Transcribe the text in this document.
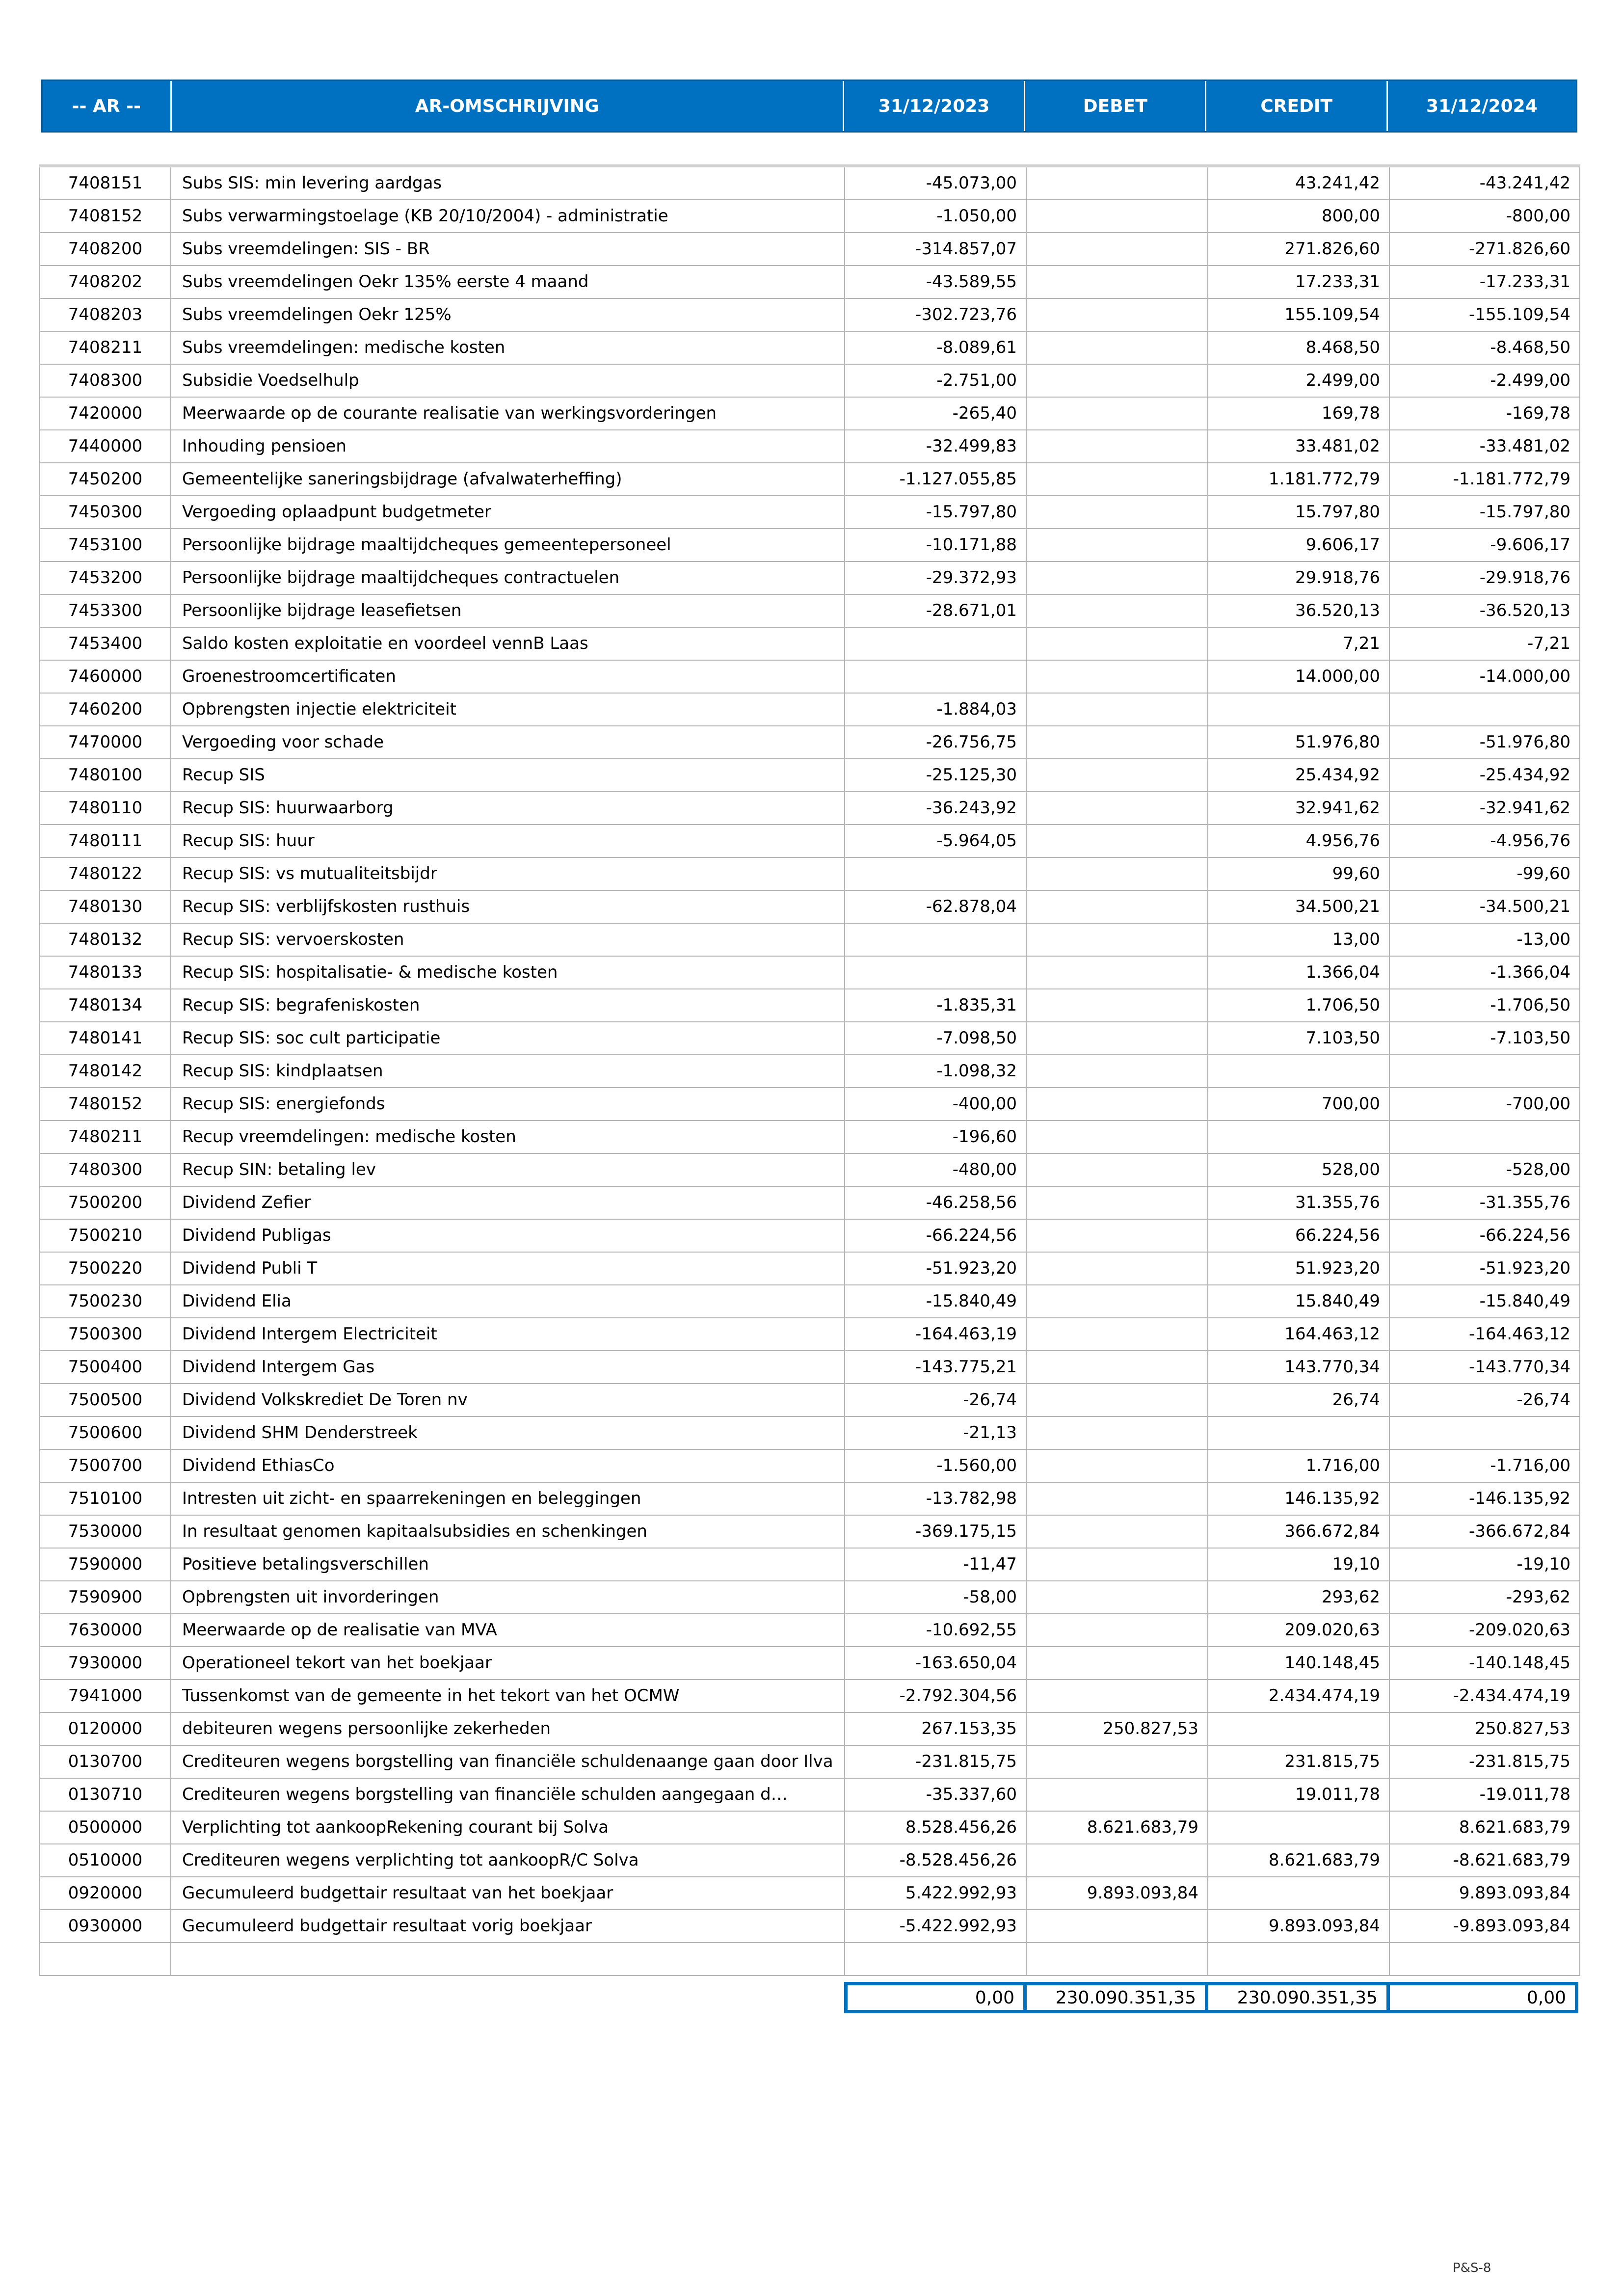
-- AR --	AR-OMSCHRIJVING	31/12/2023	DEBET	CREDIT	31/12/2024
7408151	Subs SIS: min levering aardgas	-45.073,00		43.241,42	-43.241,42
7408152	Subs verwarmingstoelage (KB 20/10/2004) - administratie	-1.050,00		800,00	-800,00
7408200	Subs vreemdelingen: SIS - BR	-314.857,07		271.826,60	-271.826,60
7408202	Subs vreemdelingen Oekr 135% eerste 4 maand	-43.589,55		17.233,31	-17.233,31
7408203	Subs vreemdelingen Oekr 125%	-302.723,76		155.109,54	-155.109,54
7408211	Subs vreemdelingen: medische kosten	-8.089,61		8.468,50	-8.468,50
7408300	Subsidie Voedselhulp	-2.751,00		2.499,00	-2.499,00
7420000	Meerwaarde op de courante realisatie van werkingsvorderingen	-265,40		169,78	-169,78
7440000	Inhouding pensioen	-32.499,83		33.481,02	-33.481,02
7450200	Gemeentelijke saneringsbijdrage (afvalwaterheffing)	-1.127.055,85		1.181.772,79	-1.181.772,79
7450300	Vergoeding oplaadpunt budgetmeter	-15.797,80		15.797,80	-15.797,80
7453100	Persoonlijke bijdrage maaltijdcheques gemeentepersoneel	-10.171,88		9.606,17	-9.606,17
7453200	Persoonlijke bijdrage maaltijdcheques contractuelen	-29.372,93		29.918,76	-29.918,76
7453300	Persoonlijke bijdrage leasefietsen	-28.671,01		36.520,13	-36.520,13
7453400	Saldo kosten exploitatie en voordeel vennB Laas			7,21	-7,21
7460000	Groenestroomcertificaten			14.000,00	-14.000,00
7460200	Opbrengsten injectie elektriciteit	-1.884,03			
7470000	Vergoeding voor schade	-26.756,75		51.976,80	-51.976,80
7480100	Recup SIS	-25.125,30		25.434,92	-25.434,92
7480110	Recup SIS: huurwaarborg	-36.243,92		32.941,62	-32.941,62
7480111	Recup SIS: huur	-5.964,05		4.956,76	-4.956,76
7480122	Recup SIS: vs mutualiteitsbijdr			99,60	-99,60
7480130	Recup SIS: verblijfskosten rusthuis	-62.878,04		34.500,21	-34.500,21
7480132	Recup SIS: vervoerskosten			13,00	-13,00
7480133	Recup SIS: hospitalisatie- & medische kosten			1.366,04	-1.366,04
7480134	Recup SIS: begrafeniskosten	-1.835,31		1.706,50	-1.706,50
7480141	Recup SIS: soc cult participatie	-7.098,50		7.103,50	-7.103,50
7480142	Recup SIS: kindplaatsen	-1.098,32			
7480152	Recup SIS: energiefonds	-400,00		700,00	-700,00
7480211	Recup vreemdelingen: medische kosten	-196,60			
7480300	Recup SIN: betaling lev	-480,00		528,00	-528,00
7500200	Dividend Zefier	-46.258,56		31.355,76	-31.355,76
7500210	Dividend Publigas	-66.224,56		66.224,56	-66.224,56
7500220	Dividend Publi T	-51.923,20		51.923,20	-51.923,20
7500230	Dividend Elia	-15.840,49		15.840,49	-15.840,49
7500300	Dividend Intergem Electriciteit	-164.463,19		164.463,12	-164.463,12
7500400	Dividend Intergem Gas	-143.775,21		143.770,34	-143.770,34
7500500	Dividend Volkskrediet De Toren nv	-26,74		26,74	-26,74
7500600	Dividend SHM Denderstreek	-21,13			
7500700	Dividend EthiasCo	-1.560,00		1.716,00	-1.716,00
7510100	Intresten uit zicht- en spaarrekeningen en beleggingen	-13.782,98		146.135,92	-146.135,92
7530000	In resultaat genomen kapitaalsubsidies en schenkingen	-369.175,15		366.672,84	-366.672,84
7590000	Positieve betalingsverschillen	-11,47		19,10	-19,10
7590900	Opbrengsten uit invorderingen	-58,00		293,62	-293,62
7630000	Meerwaarde op de realisatie van MVA	-10.692,55		209.020,63	-209.020,63
7930000	Operationeel tekort van het boekjaar	-163.650,04		140.148,45	-140.148,45
7941000	Tussenkomst van de gemeente in het tekort van het OCMW	-2.792.304,56		2.434.474,19	-2.434.474,19
0120000	debiteuren wegens persoonlijke zekerheden	267.153,35	250.827,53		250.827,53
0130700	Crediteuren wegens borgstelling van financiële schuldenaange gaan door Ilva	-231.815,75		231.815,75	-231.815,75
0130710	Crediteuren wegens borgstelling van financiële schulden aangegaan d…	-35.337,60		19.011,78	-19.011,78
0500000	Verplichting tot aankoopRekening courant bij Solva	8.528.456,26	8.621.683,79		8.621.683,79
0510000	Crediteuren wegens verplichting tot aankoopR/C Solva	-8.528.456,26		8.621.683,79	-8.621.683,79
0920000	Gecumuleerd budgettair resultaat van het boekjaar	5.422.992,93	9.893.093,84		9.893.093,84
0930000	Gecumuleerd budgettair resultaat vorig boekjaar	-5.422.992,93		9.893.093,84	-9.893.093,84

0,00	230.090.351,35	230.090.351,35	0,00
P&S-8
